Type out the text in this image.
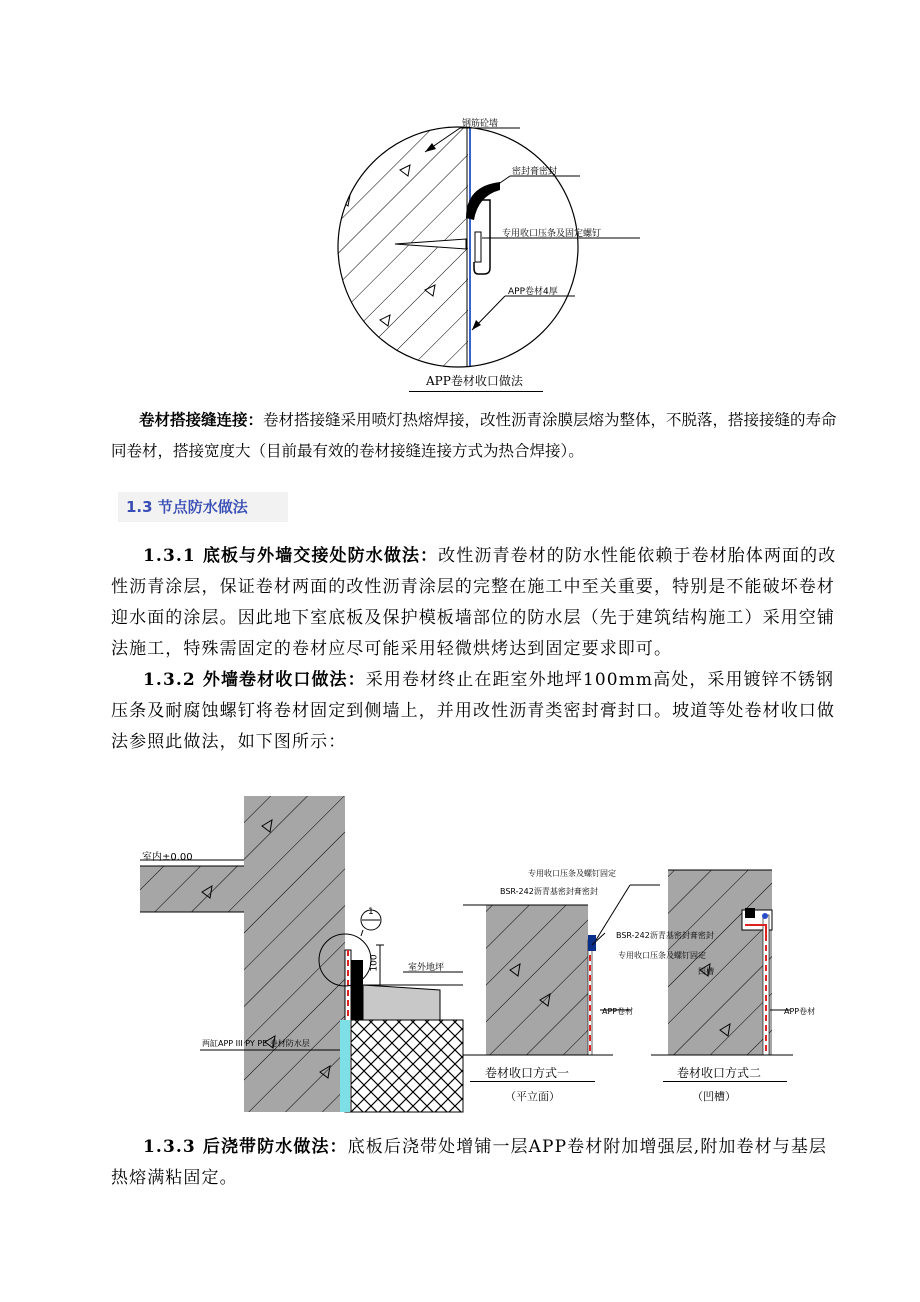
钢筋砼墙
密封膏密封
专用收口压条及固定螺钉
APP卷材4厚
APP卷材收口做法
卷材搭接缝连接：卷材搭接缝采用喷灯热熔焊接，改性沥青涂膜层熔为整体，不脱落，搭接接缝的寿命同卷材，搭接宽度大（目前最有效的卷材接缝连接方式为热合焊接）。
1.3 节点防水做法
1.3.1 底板与外墙交接处防水做法：改性沥青卷材的防水性能依赖于卷材胎体两面的改性沥青涂层，保证卷材两面的改性沥青涂层的完整在施工中至关重要，特别是不能破坏卷材迎水面的涂层。因此地下室底板及保护模板墙部位的防水层（先于建筑结构施工）采用空铺法施工，特殊需固定的卷材应尽可能采用轻微烘烤达到固定要求即可。
1.3.2 外墙卷材收口做法：采用卷材终止在距室外地坪100mm高处，采用镀锌不锈钢压条及耐腐蚀螺钉将卷材固定到侧墙上，并用改性沥青类密封膏封口。坡道等处卷材收口做法参照此做法，如下图所示：
室内±0.00
室外地坪
100
1
两缸APP III PY PE 卷材防水层
专用收口压条及螺钉固定
BSR-242沥青基密封膏密封
APP卷材
卷材收口方式一
（平立面）
BSR-242沥青基密封膏密封
专用收口压条及螺钉固定
凹槽
APP卷材
卷材收口方式二
（凹槽）
1.3.3 后浇带防水做法：底板后浇带处增铺一层APP卷材附加增强层,附加卷材与基层热熔满粘固定。
